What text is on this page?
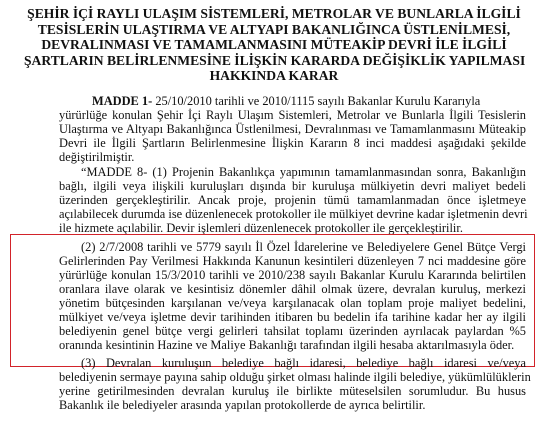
ŞEHİR İÇİ RAYLI ULAŞIM SİSTEMLERİ, METROLAR VE BUNLARLA İLGİLİ
TESİSLERİN ULAŞTIRMA VE ALTYAPI BAKANLIĞINCA ÜSTLENİLMESİ,
DEVRALINMASI VE TAMAMLANMASINI MÜTEAKİP DEVRİ İLE İLGİLİ
ŞARTLARIN BELİRLENMESİNE İLİŞKİN KARARDA DEĞİŞİKLİK YAPILMASI
HAKKINDA KARAR
MADDE 1- 25/10/2010 tarihli ve 2010/1115 sayılı Bakanlar Kurulu Kararıyla
yürürlüğe konulan Şehir İçi Raylı Ulaşım Sistemleri, Metrolar ve Bunlarla İlgili Tesislerin
Ulaştırma ve Altyapı Bakanlığınca Üstlenilmesi, Devralınması ve Tamamlanmasını Müteakip
Devri ile İlgili Şartların Belirlenmesine İlişkin Kararın 8 inci maddesi aşağıdaki şekilde
değiştirilmiştir.
“MADDE 8- (1) Projenin Bakanlıkça yapımının tamamlanmasından sonra, Bakanlığın
bağlı, ilgili veya ilişkili kuruluşları dışında bir kuruluşa mülkiyetin devri maliyet bedeli
üzerinden gerçekleştirilir. Ancak proje, projenin tümü tamamlanmadan önce işletmeye
açılabilecek durumda ise düzenlenecek protokoller ile mülkiyet devrine kadar işletmenin devri
ile hizmete açılabilir. Devir işlemleri düzenlenecek protokoller ile gerçekleştirilir.
(2) 2/7/2008 tarihli ve 5779 sayılı İl Özel İdarelerine ve Belediyelere Genel Bütçe Vergi
Gelirlerinden Pay Verilmesi Hakkında Kanunun kesintileri düzenleyen 7 nci maddesine göre
yürürlüğe konulan 15/3/2010 tarihli ve 2010/238 sayılı Bakanlar Kurulu Kararında belirtilen
oranlara ilave olarak ve kesintisiz dönemler dâhil olmak üzere, devralan kuruluş, merkezi
yönetim bütçesinden karşılanan ve/veya karşılanacak olan toplam proje maliyet bedelini,
mülkiyet ve/veya işletme devir tarihinden itibaren bu bedelin ifa tarihine kadar her ay ilgili
belediyenin genel bütçe vergi gelirleri tahsilat toplamı üzerinden ayrılacak paylardan %5
oranında kesintinin Hazine ve Maliye Bakanlığı tarafından ilgili hesaba aktarılmasıyla öder.
(3) Devralan kuruluşun belediye bağlı idaresi, belediye bağlı idaresi ve/veya
belediyenin sermaye payına sahip olduğu şirket olması halinde ilgili belediye, yükümlülüklerin
yerine getirilmesinden devralan kuruluş ile birlikte müteselsilen sorumludur. Bu husus
Bakanlık ile belediyeler arasında yapılan protokollerde de ayrıca belirtilir.
